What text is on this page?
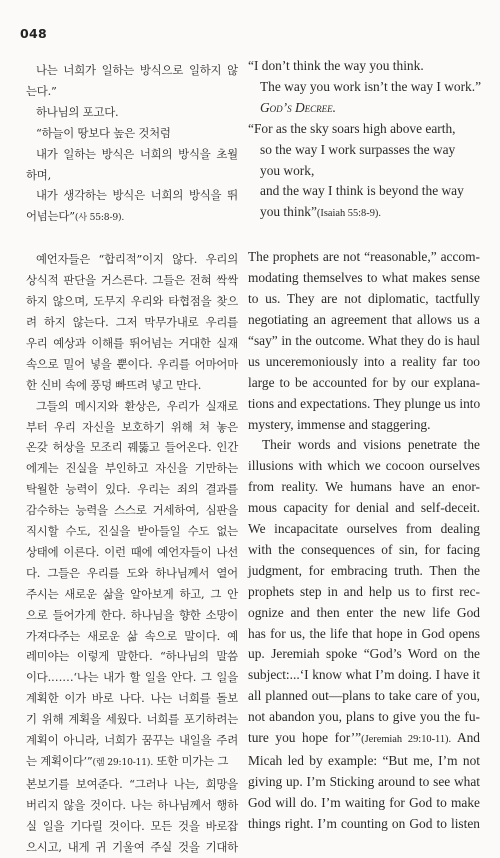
048
나는 너희가 일하는 방식으로 일하지 않
는다.”
하나님의 포고다.
“하늘이 땅보다 높은 것처럼
내가 일하는 방식은 너희의 방식을 초월
하며,
내가 생각하는 방식은 너희의 방식을 뛰
어넘는다”(사 55:8-9).
예언자들은 “합리적”이지 않다. 우리의
상식적 판단을 거스른다. 그들은 전혀 싹싹
하지 않으며, 도무지 우리와 타협점을 찾으
려 하지 않는다. 그저 막무가내로 우리를
우리 예상과 이해를 뛰어넘는 거대한 실재
속으로 밀어 넣을 뿐이다. 우리를 어마어마
한 신비 속에 풍덩 빠뜨려 넣고 만다.
그들의 메시지와 환상은, 우리가 실재로
부터 우리 자신을 보호하기 위해 쳐 놓은
온갖 허상을 모조리 꿰뚫고 들어온다. 인간
에게는 진실을 부인하고 자신을 기만하는
탁월한 능력이 있다. 우리는 죄의 결과를
감수하는 능력을 스스로 거세하여, 심판을
직시할 수도, 진실을 받아들일 수도 없는
상태에 이른다. 이런 때에 예언자들이 나선
다. 그들은 우리를 도와 하나님께서 열어
주시는 새로운 삶을 알아보게 하고, 그 안
으로 들어가게 한다. 하나님을 향한 소망이
가져다주는 새로운 삶 속으로 말이다. 예
레미야는 이렇게 말한다. “하나님의 말씀
이다.……‘나는 내가 할 일을 안다. 그 일을
계획한 이가 바로 나다. 나는 너희를 돌보
기 위해 계획을 세웠다. 너희를 포기하려는
계획이 아니라, 너희가 꿈꾸는 내일을 주려
는 계획이다’”(렘 29:10-11). 또한 미가는 그
본보기를 보여준다. “그러나 나는, 희망을
버리지 않을 것이다. 나는 하나님께서 행하
실 일을 기다릴 것이다. 모든 것을 바로잡
으시고, 내게 귀 기울여 주실 것을 기대하
“I don’t think the way you think.
The way you work isn’t the way I work.”
God’s Decree.
“For as the sky soars high above earth,
so the way I work surpasses the way
you work,
and the way I think is beyond the way
you think”(Isaiah 55:8-9).
The prophets are not “reasonable,” accom-
modating themselves to what makes sense
to us. They are not diplomatic, tactfully
negotiating an agreement that allows us a
“say” in the outcome. What they do is haul
us unceremoniously into a reality far too
large to be accounted for by our explana-
tions and expectations. They plunge us into
mystery, immense and staggering.
Their words and visions penetrate the
illusions with which we cocoon ourselves
from reality. We humans have an enor-
mous capacity for denial and self-deceit.
We incapacitate ourselves from dealing
with the consequences of sin, for facing
judgment, for embracing truth. Then the
prophets step in and help us to first rec-
ognize and then enter the new life God
has for us, the life that hope in God opens
up. Jeremiah spoke “God’s Word on the
subject:...‘I know what I’m doing. I have it
all planned out—plans to take care of you,
not abandon you, plans to give you the fu-
ture you hope for’”(Jeremiah 29:10-11). And
Micah led by example: “But me, I’m not
giving up. I’m Sticking around to see what
God will do. I’m waiting for God to make
things right. I’m counting on God to listen
